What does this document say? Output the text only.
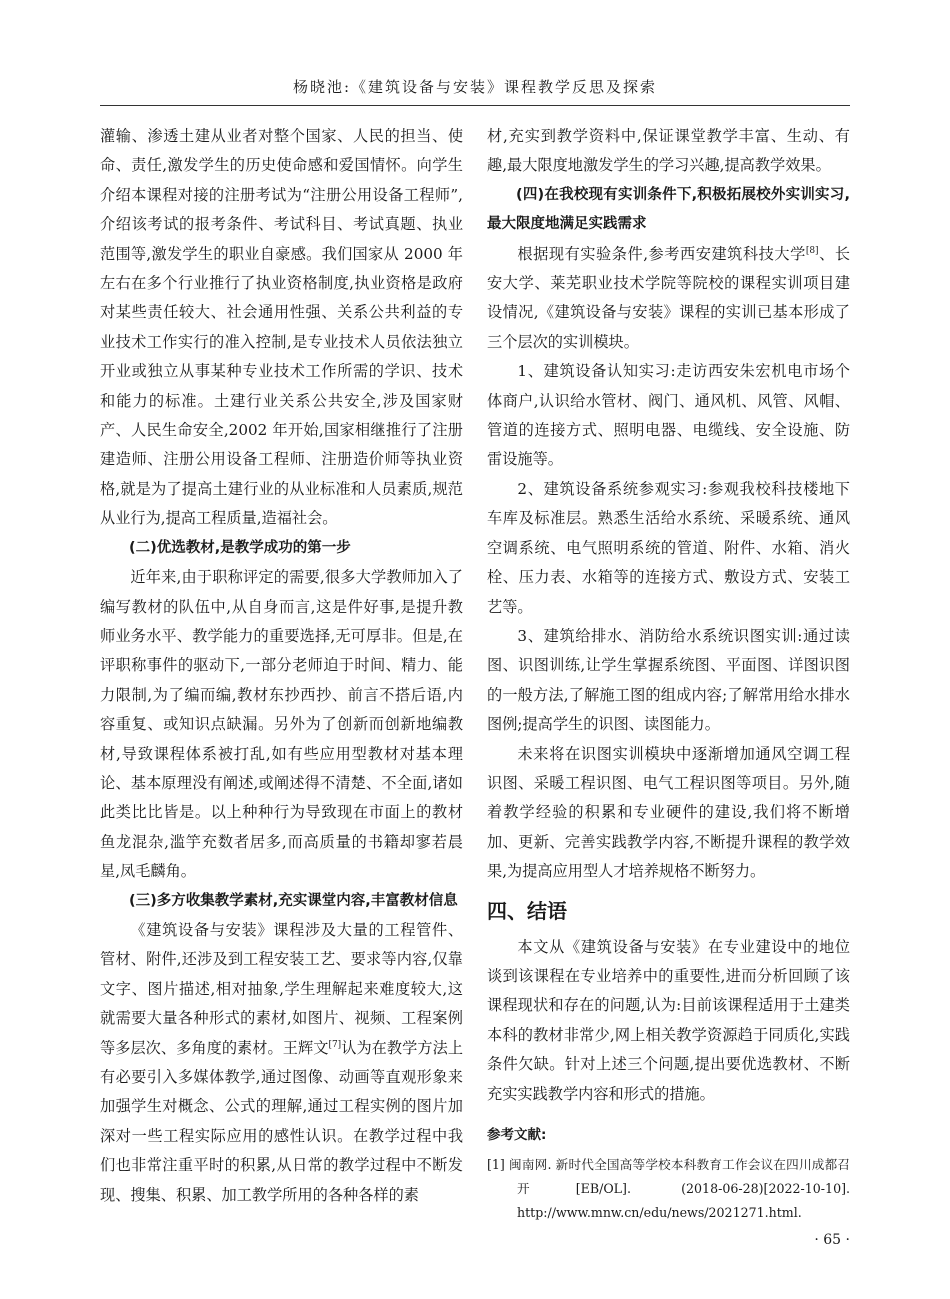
杨晓池:《建筑设备与安装》课程教学反思及探索

灌输、渗透土建从业者对整个国家、人民的担当、使命、责任,激发学生的历史使命感和爱国情怀。向学生介绍本课程对接的注册考试为“注册公用设备工程师”,介绍该考试的报考条件、考试科目、考试真题、执业范围等,激发学生的职业自豪感。我们国家从 2000 年左右在多个行业推行了执业资格制度,执业资格是政府对某些责任较大、社会通用性强、关系公共利益的专业技术工作实行的准入控制,是专业技术人员依法独立开业或独立从事某种专业技术工作所需的学识、技术和能力的标准。土建行业关系公共安全,涉及国家财产、人民生命安全,2002 年开始,国家相继推行了注册建造师、注册公用设备工程师、注册造价师等执业资格,就是为了提高土建行业的从业标准和人员素质,规范从业行为,提高工程质量,造福社会。

(二)优选教材,是教学成功的第一步

近年来,由于职称评定的需要,很多大学教师加入了编写教材的队伍中,从自身而言,这是件好事,是提升教师业务水平、教学能力的重要选择,无可厚非。但是,在评职称事件的驱动下,一部分老师迫于时间、精力、能力限制,为了编而编,教材东抄西抄、前言不搭后语,内容重复、或知识点缺漏。另外为了创新而创新地编教材,导致课程体系被打乱,如有些应用型教材对基本理论、基本原理没有阐述,或阐述得不清楚、不全面,诸如此类比比皆是。以上种种行为导致现在市面上的教材鱼龙混杂,滥竽充数者居多,而高质量的书籍却寥若晨星,凤毛麟角。

(三)多方收集教学素材,充实课堂内容,丰富教材信息

《建筑设备与安装》课程涉及大量的工程管件、管材、附件,还涉及到工程安装工艺、要求等内容,仅靠文字、图片描述,相对抽象,学生理解起来难度较大,这就需要大量各种形式的素材,如图片、视频、工程案例等多层次、多角度的素材。王辉文[7]认为在教学方法上有必要引入多媒体教学,通过图像、动画等直观形象来加强学生对概念、公式的理解,通过工程实例的图片加深对一些工程实际应用的感性认识。在教学过程中我们也非常注重平时的积累,从日常的教学过程中不断发现、搜集、积累、加工教学所用的各种各样的素

材,充实到教学资料中,保证课堂教学丰富、生动、有趣,最大限度地激发学生的学习兴趣,提高教学效果。

(四)在我校现有实训条件下,积极拓展校外实训实习,最大限度地满足实践需求

根据现有实验条件,参考西安建筑科技大学[8]、长安大学、莱芜职业技术学院等院校的课程实训项目建设情况,《建筑设备与安装》课程的实训已基本形成了三个层次的实训模块。

1、建筑设备认知实习:走访西安朱宏机电市场个体商户,认识给水管材、阀门、通风机、风管、风帽、管道的连接方式、照明电器、电缆线、安全设施、防雷设施等。

2、建筑设备系统参观实习:参观我校科技楼地下车库及标准层。熟悉生活给水系统、采暖系统、通风空调系统、电气照明系统的管道、附件、水箱、消火栓、压力表、水箱等的连接方式、敷设方式、安装工艺等。

3、建筑给排水、消防给水系统识图实训:通过读图、识图训练,让学生掌握系统图、平面图、详图识图的一般方法,了解施工图的组成内容;了解常用给水排水图例;提高学生的识图、读图能力。

未来将在识图实训模块中逐渐增加通风空调工程识图、采暖工程识图、电气工程识图等项目。另外,随着教学经验的积累和专业硬件的建设,我们将不断增加、更新、完善实践教学内容,不断提升课程的教学效果,为提高应用型人才培养规格不断努力。

四、结语

本文从《建筑设备与安装》在专业建设中的地位谈到该课程在专业培养中的重要性,进而分析回顾了该课程现状和存在的问题,认为:目前该课程适用于土建类本科的教材非常少,网上相关教学资源趋于同质化,实践条件欠缺。针对上述三个问题,提出要优选教材、不断充实实践教学内容和形式的措施。

参考文献:
[1] 闽南网. 新时代全国高等学校本科教育工作会议在四川成都召开[EB/OL]. (2018-06-28)[2022-10-10]. http://www.mnw.cn/edu/news/2021271.html.
· 65 ·
